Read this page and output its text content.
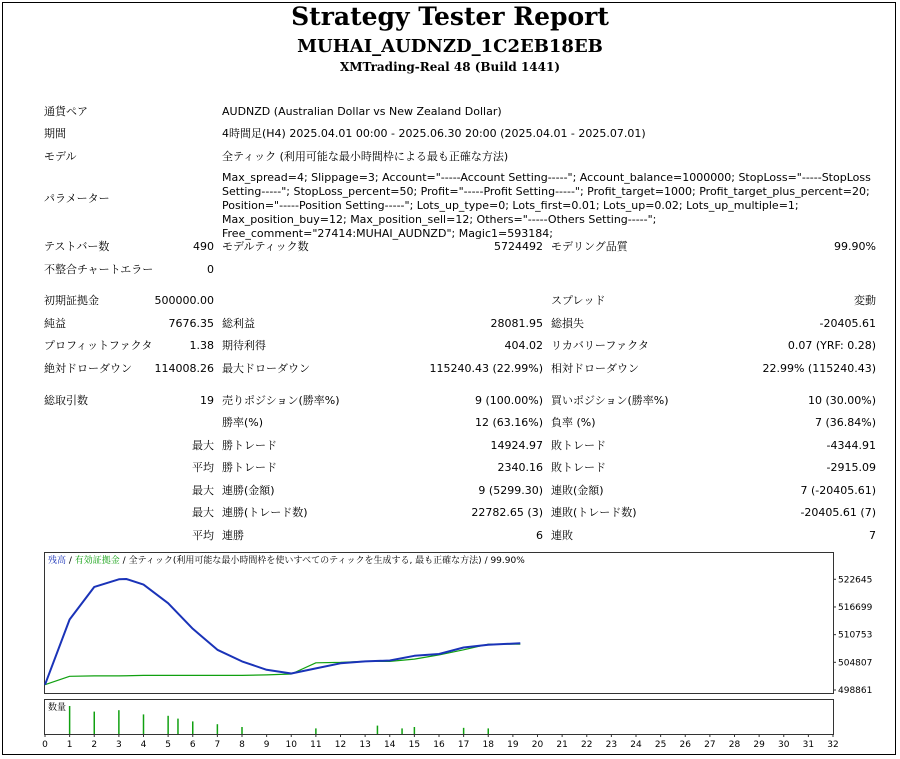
Strategy Tester Report
MUHAI_AUDNZD_1C2EB18EB
XMTrading-Real 48 (Build 1441)
通貨ペア	AUDNZD (Australian Dollar vs New Zealand Dollar)
期間	4時間足(H4) 2025.04.01 00:00 - 2025.06.30 20:00 (2025.04.01 - 2025.07.01)
モデル	全ティック (利用可能な最小時間枠による最も正確な方法)
パラメーター
Max_spread=4; Slippage=3; Account="-----Account Setting-----"; Account_balance=1000000; StopLoss="-----StopLoss Setting-----"; StopLoss_percent=50; Profit="-----Profit Setting-----"; Profit_target=1000; Profit_target_plus_percent=20; Position="-----Position Setting-----"; Lots_up_type=0; Lots_first=0.01; Lots_up=0.02; Lots_up_multiple=1; Max_position_buy=12; Max_position_sell=12; Others="-----Others Setting-----"; Free_comment="27414:MUHAI_AUDNZD"; Magic1=593184;
テストバー数	490 モデルティック数	5724492 モデリング品質	99.90%
不整合チャートエラー	0
初期証拠金	500000.00	スプレッド	変動
純益	7676.35 総利益	28081.95 総損失	-20405.61
プロフィットファクタ	1.38 期待利得	404.02 リカバリーファクタ	0.07 (YRF: 0.28)
絶対ドローダウン	114008.26 最大ドローダウン	115240.43 (22.99%) 相対ドローダウン	22.99% (115240.43)
総取引数	19 売りポジション(勝率%)	9 (100.00%) 買いポジション(勝率%)	10 (30.00%)
勝率(%)	12 (63.16%) 負率 (%)	7 (36.84%)
最大 勝トレード	14924.97 敗トレード	-4344.91
平均 勝トレード	2340.16 敗トレード	-2915.09
最大 連勝(金額)	9 (5299.30) 連敗(金額)	7 (-20405.61)
最大 連勝(トレード数)	22782.65 (3) 連敗(トレード数)	-20405.61 (7)
平均 連勝	6 連敗	7
残高 / 有効証拠金 / 全ティック(利用可能な最小時間枠を使いすべてのティックを生成する, 最も正確な方法) / 99.90%
数量
522645
516699
510753
504807
498861
0 1 2 3 4 5 6 7 8 9 10 11 12 13 14 15 16 17 18 19 20 21 22 23 24 25 26 27 28 29 30 31 32
